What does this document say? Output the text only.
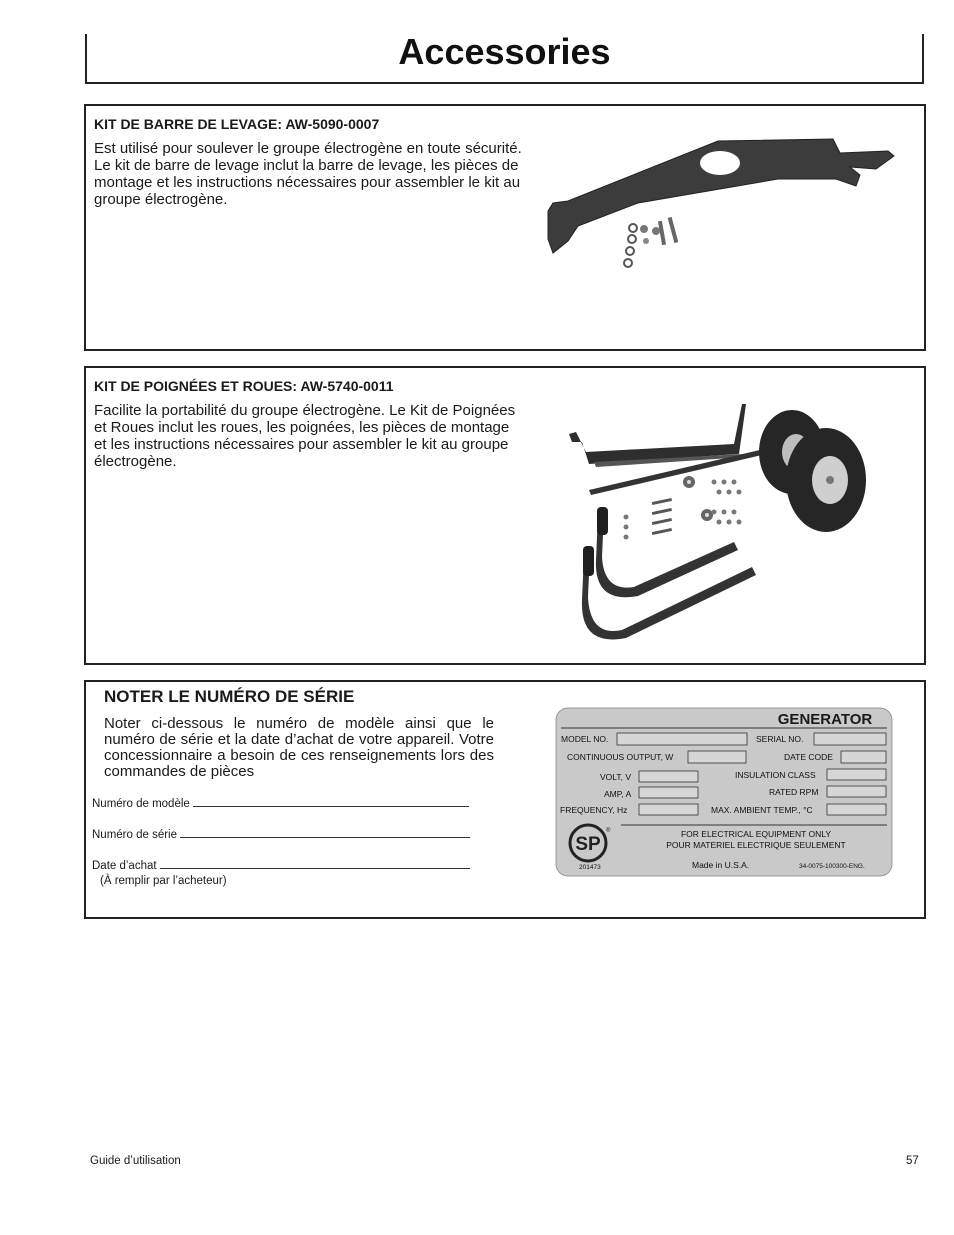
Accessories

KIT DE BARRE DE LEVAGE: AW-5090-0007

Est utilisé pour soulever le groupe électrogène en toute sécurité. Le kit de barre de levage inclut la barre de levage, les pièces de montage et les instructions nécessaires pour assembler le kit au groupe électrogène.

KIT DE POIGNÉES ET ROUES: AW-5740-0011

Facilite la portabilité du groupe électrogène. Le Kit de Poignées et Roues inclut les roues, les poignées, les pièces de montage et les instructions nécessaires pour assembler le kit au groupe électrogène.

NOTER LE NUMÉRO DE SÉRIE

Noter ci-dessous le numéro de modèle ainsi que le numéro de série et la date d’achat de votre appareil. Votre concessionnaire a besoin de ces renseignements lors des commandes de pièces

Numéro de modèle
Numéro de série
Date d’achat
(À remplir par l’acheteur)
GENERATOR
MODEL NO.	SERIAL NO.
CONTINUOUS OUTPUT, W	DATE CODE
VOLT, V	INSULATION CLASS
AMP, A	RATED RPM
FREQUENCY, Hz	MAX. AMBIENT TEMP., °C
FOR ELECTRICAL EQUIPMENT ONLY
POUR MATERIEL ELECTRIQUE SEULEMENT
SP
®
201473	Made in U.S.A.	34-0075-100300-ENG.
Guide d’utilisation	57
